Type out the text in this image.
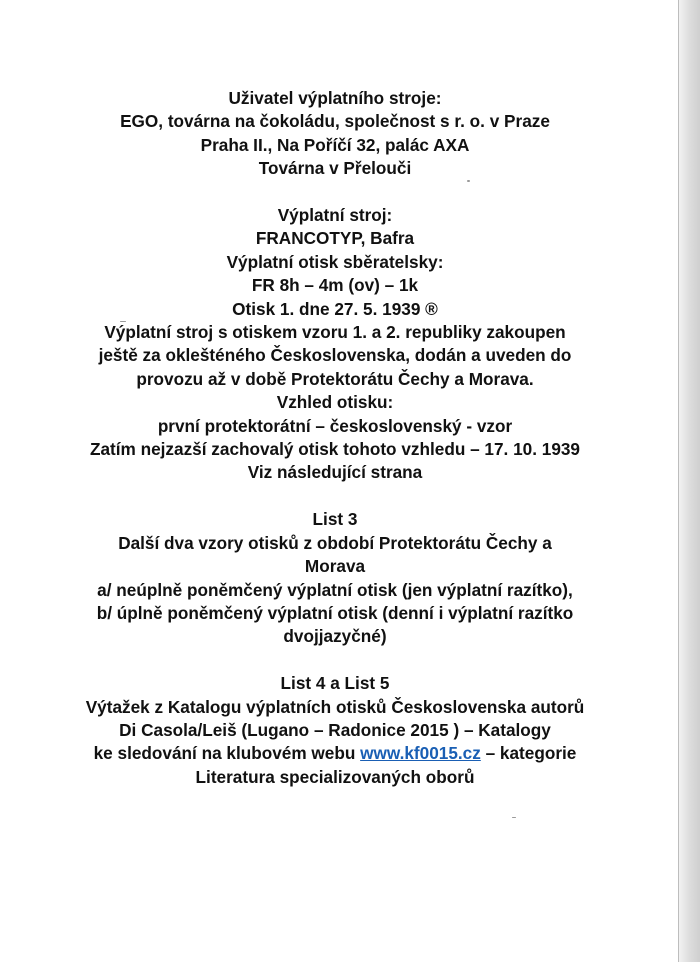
Uživatel výplatního stroje:
EGO, továrna na čokoládu, společnost s r. o. v Praze
Praha II., Na Poříčí 32, palác AXA
Továrna v Přelouči
Výplatní stroj:
FRANCOTYP, Bafra
Výplatní otisk sběratelsky:
FR 8h – 4m (ov) – 1k
Otisk 1. dne 27. 5. 1939 ®
Výplatní stroj s otiskem vzoru 1. a 2. republiky zakoupen
ještě za oklešténého Československa, dodán a uveden do
provozu až v době Protektorátu Čechy a Morava.
Vzhled otisku:
první protektorátní – československý - vzor
Zatím nejzazší zachovalý otisk tohoto vzhledu – 17. 10. 1939
Viz následující strana
List 3
Další dva vzory otisků z období Protektorátu Čechy a
Morava
a/ neúplně poněmčený výplatní otisk (jen výplatní razítko),
b/ úplně poněmčený výplatní otisk (denní i výplatní razítko
dvojjazyčné)
List 4 a List 5
Výtažek z Katalogu výplatních otisků Československa autorů
Di Casola/Leiš (Lugano – Radonice 2015 ) – Katalogy
ke sledování na klubovém webu www.kf0015.cz – kategorie
Literatura specializovaných oborů
